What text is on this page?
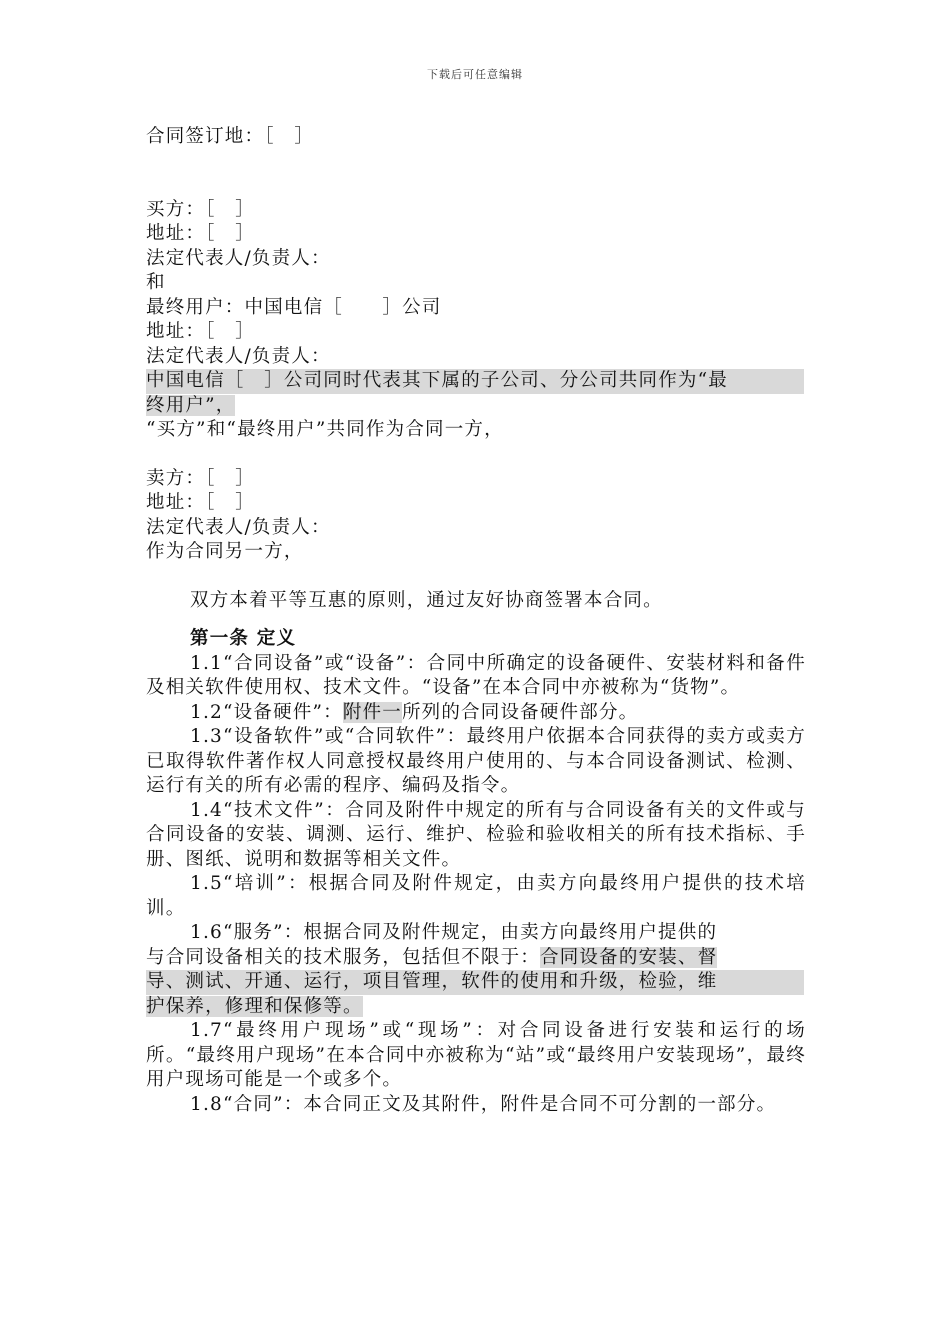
下载后可任意编辑
合同签订地：［　］
买方：［　］
地址：［　］
法定代表人/负责人：
和
最终用户：中国电信［　　］公司
地址：［　］
法定代表人/负责人：
中国电信［　］公司同时代表其下属的子公司、分公司共同作为“最
终用户”，
“买方”和“最终用户”共同作为合同一方，
卖方：［　］
地址：［　］
法定代表人/负责人：
作为合同另一方，
双方本着平等互惠的原则，通过友好协商签署本合同。
第一条 定义
1.1“合同设备”或“设备”：合同中所确定的设备硬件、安装材料和备件及相关软件使用权、技术文件。“设备”在本合同中亦被称为“货物”。
1.2“设备硬件”：附件一所列的合同设备硬件部分。
1.3“设备软件”或“合同软件”：最终用户依据本合同获得的卖方或卖方已取得软件著作权人同意授权最终用户使用的、与本合同设备测试、检测、运行有关的所有必需的程序、编码及指令。
1.4“技术文件”：合同及附件中规定的所有与合同设备有关的文件或与合同设备的安装、调测、运行、维护、检验和验收相关的所有技术指标、手册、图纸、说明和数据等相关文件。
1.5“培训”：根据合同及附件规定，由卖方向最终用户提供的技术培训。
1.6“服务”：根据合同及附件规定，由卖方向最终用户提供的
与合同设备相关的技术服务，包括但不限于：合同设备的安装、督
导、测试、开通、运行，项目管理，软件的使用和升级，检验，维
护保养，修理和保修等。
1.7“最终用户现场”或“现场”：对合同设备进行安装和运行的场所。“最终用户现场”在本合同中亦被称为“站”或“最终用户安装现场”，最终用户现场可能是一个或多个。
1.8“合同”：本合同正文及其附件，附件是合同不可分割的一部分。
